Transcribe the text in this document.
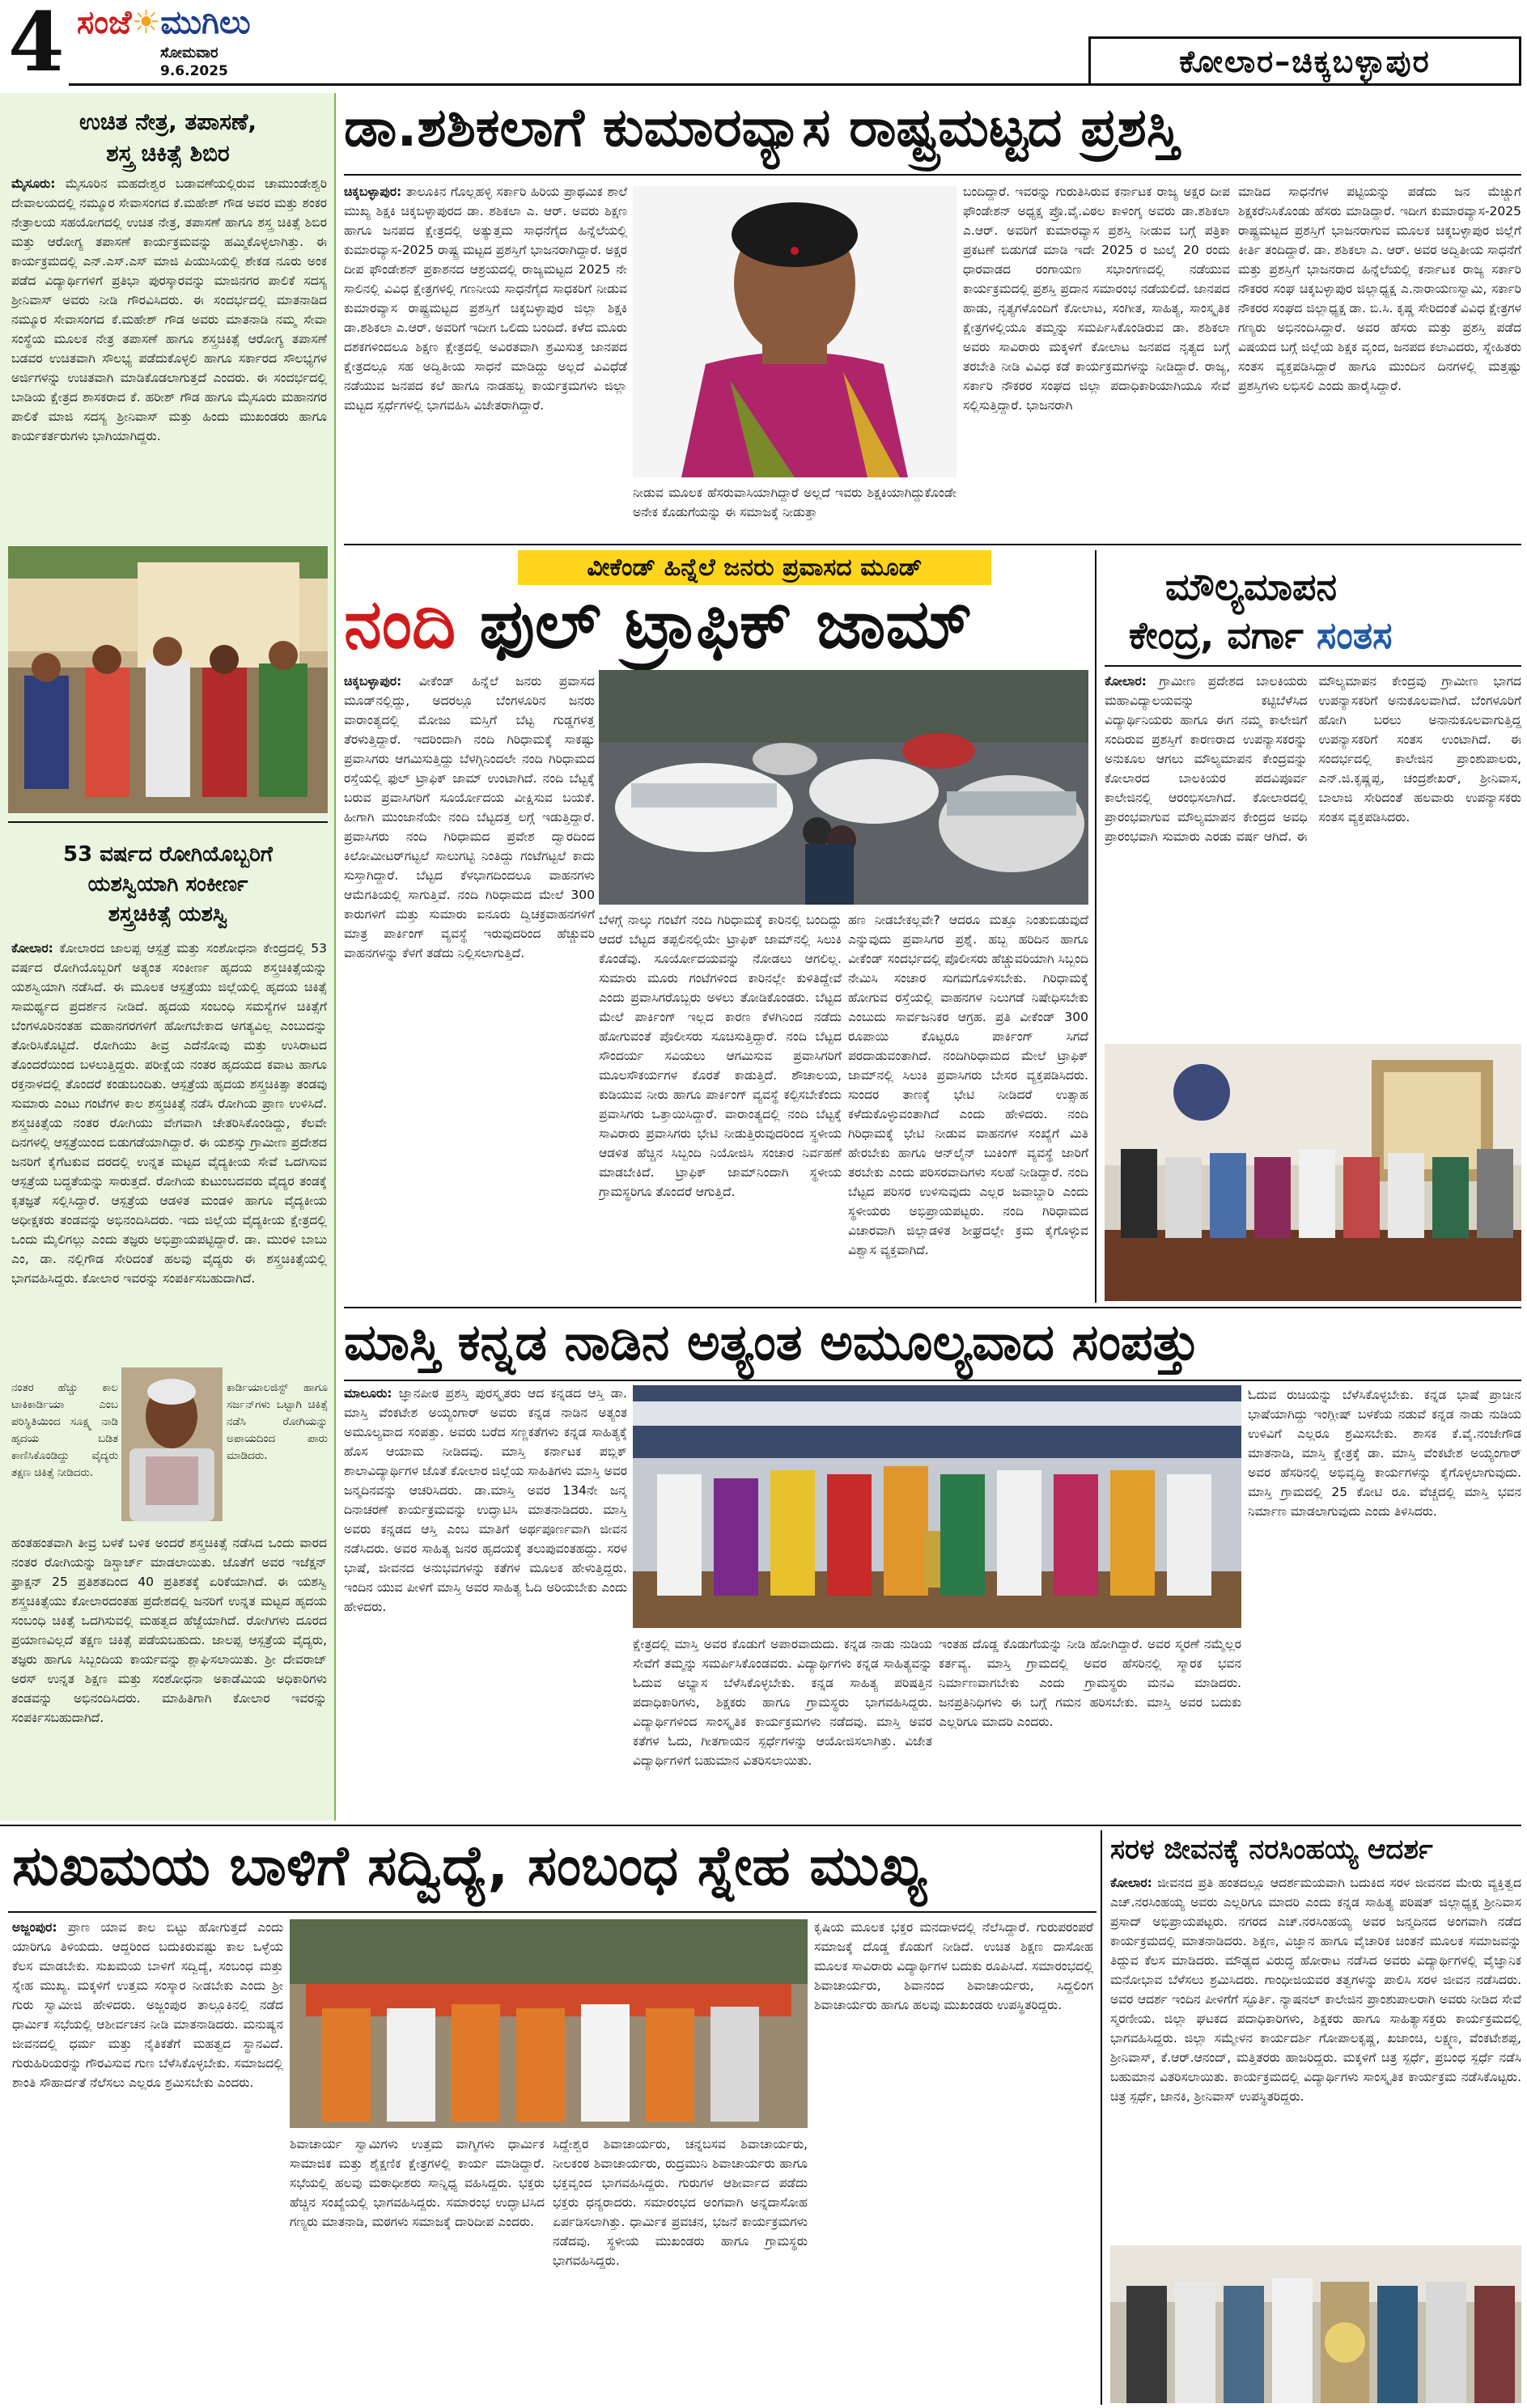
4 ಸಂಜೆ☀ಮುಗಿಲು
ಸೋಮವಾರ
9.6.2025	ಕೋಲಾರ–ಚಿಕ್ಕಬಳ್ಳಾಪುರ
ಉಚಿತ ನೇತ್ರ, ತಪಾಸಣೆ,
ಶಸ್ತ್ರ ಚಿಕಿತ್ಸೆ ಶಿಬಿರ
ಮೈಸೂರು: ಮೈಸೂರಿನ ಮಹದೇಶ್ವರ ಬಡಾವಣೆಯಲ್ಲಿರುವ ಚಾಮುಂಡೇಶ್ವರಿ ದೇವಾಲಯದಲ್ಲಿ ನಮ್ಮೂರ ಸೇವಾಸಂಗದ ಕೆ.ಮಹೇಶ್ ಗೌಡ ಅವರ ಮತ್ತು ಶಂಕರ ನೇತ್ರಾಲಯ ಸಹಯೋಗದಲ್ಲಿ ಉಚಿತ ನೇತ್ರ, ತಪಾಸಣೆ ಹಾಗೂ ಶಸ್ತ್ರ ಚಿಕಿತ್ಸೆ ಶಿಬಿರ ಮತ್ತು ಆರೋಗ್ಯ ತಪಾಸಣೆ ಕಾರ್ಯಕ್ರಮವನ್ನು ಹಮ್ಮಿಕೊಳ್ಳಲಾಗಿತ್ತು. ಈ ಕಾರ್ಯಕ್ರಮದಲ್ಲಿ ಎನ್.ಎಸ್.ಎಸ್ ಮಾಜಿ ಪಿಯುಸಿಯಲ್ಲಿ ಶೇಕಡ ನೂರು ಅಂಕ ಪಡೆದ ವಿದ್ಯಾರ್ಥಿಗಳಿಗೆ ಪ್ರತಿಭಾ ಪುರಸ್ಕಾರವನ್ನು ಮಾಜಿನಗರ ಪಾಲಿಕೆ ಸದಸ್ಯ ಶ್ರೀನಿವಾಸ್ ಅವರು ನೀಡಿ ಗೌರವಿಸಿದರು. ಈ ಸಂದರ್ಭದಲ್ಲಿ ಮಾತನಾಡಿದ ನಮ್ಮೂರ ಸೇವಾಸಂಗದ ಕೆ.ಮಹೇಶ್ ಗೌಡ ಅವರು ಮಾತನಾಡಿ ನಮ್ಮ ಸೇವಾ ಸಂಸ್ಥೆಯ ಮೂಲಕ ನೇತ್ರ ತಪಾಸಣೆ ಹಾಗೂ ಶಸ್ತ್ರಚಿಕಿತ್ಸೆ ಆರೋಗ್ಯ ತಪಾಸಣೆ ಬಡವರ ಉಚಿತವಾಗಿ ಸೌಲಭ್ಯ ಪಡೆದುಕೊಳ್ಳಲಿ ಹಾಗೂ ಸರ್ಕಾರದ ಸೌಲಭ್ಯಗಳ ಅರ್ಜಿಗಳನ್ನು ಉಚಿತವಾಗಿ ಮಾಡಿಕೊಡಲಾಗುತ್ತದೆ ಎಂದರು. ಈ ಸಂದರ್ಭದಲ್ಲಿ ಬಾಡಿಯ ಕ್ಷೇತ್ರದ ಶಾಸಕರಾದ ಕೆ. ಹರೀಶ್ ಗೌಡ ಹಾಗೂ ಮೈಸೂರು ಮಹಾನಗರ ಪಾಲಿಕೆ ಮಾಜಿ ಸದಸ್ಯ ಶ್ರೀನಿವಾಸ್ ಮತ್ತು ಹಿಂದು ಮುಖಂಡರು ಹಾಗೂ ಕಾರ್ಯಕರ್ತರುಗಳು ಭಾಗಿಯಾಗಿದ್ದರು.
53 ವರ್ಷದ ರೋಗಿಯೊಬ್ಬರಿಗೆ
ಯಶಸ್ವಿಯಾಗಿ ಸಂಕೀರ್ಣ
ಶಸ್ತ್ರಚಿಕಿತ್ಸೆ ಯಶಸ್ವಿ
ಕೋಲಾರ: ಕೋಲಾರದ ಜಾಲಪ್ಪ ಆಸ್ಪತ್ರೆ ಮತ್ತು ಸಂಶೋಧನಾ ಕೇಂದ್ರದಲ್ಲಿ 53 ವರ್ಷದ ರೋಗಿಯೊಬ್ಬರಿಗೆ ಅತ್ಯಂತ ಸಂಕೀರ್ಣ ಹೃದಯ ಶಸ್ತ್ರಚಿಕಿತ್ಸೆಯನ್ನು ಯಶಸ್ವಿಯಾಗಿ ನಡೆಸಿದೆ. ಈ ಮೂಲಕ ಆಸ್ಪತ್ರೆಯು ಜಿಲ್ಲೆಯಲ್ಲಿ ಹೃದಯ ಚಿಕಿತ್ಸೆ ಸಾಮರ್ಥ್ಯದ ಪ್ರದರ್ಶನ ನೀಡಿದೆ. ಹೃದಯ ಸಂಬಂಧಿ ಸಮಸ್ಯೆಗಳ ಚಿಕಿತ್ಸೆಗೆ ಬೆಂಗಳೂರಿನಂತಹ ಮಹಾನಗರಗಳಿಗೆ ಹೋಗಬೇಕಾದ ಅಗತ್ಯವಿಲ್ಲ ಎಂಬುದನ್ನು ತೋರಿಸಿಕೊಟ್ಟಿದೆ. ರೋಗಿಯು ತೀವ್ರ ಎದೆನೋವು ಮತ್ತು ಉಸಿರಾಟದ ತೊಂದರೆಯಿಂದ ಬಳಲುತ್ತಿದ್ದರು. ಪರೀಕ್ಷೆಯ ನಂತರ ಹೃದಯದ ಕವಾಟ ಹಾಗೂ ರಕ್ತನಾಳದಲ್ಲಿ ತೊಂದರೆ ಕಂಡುಬಂದಿತು. ಆಸ್ಪತ್ರೆಯ ಹೃದಯ ಶಸ್ತ್ರಚಿಕಿತ್ಸಾ ತಂಡವು ಸುಮಾರು ಎಂಟು ಗಂಟೆಗಳ ಕಾಲ ಶಸ್ತ್ರಚಿಕಿತ್ಸೆ ನಡೆಸಿ ರೋಗಿಯ ಪ್ರಾಣ ಉಳಿಸಿದೆ. ಶಸ್ತ್ರಚಿಕಿತ್ಸೆಯ ನಂತರ ರೋಗಿಯು ವೇಗವಾಗಿ ಚೇತರಿಸಿಕೊಂಡಿದ್ದು, ಕೆಲವೇ ದಿನಗಳಲ್ಲಿ ಆಸ್ಪತ್ರೆಯಿಂದ ಬಿಡುಗಡೆಯಾಗಿದ್ದಾರೆ. ಈ ಯಶಸ್ಸು ಗ್ರಾಮೀಣ ಪ್ರದೇಶದ ಜನರಿಗೆ ಕೈಗೆಟಕುವ ದರದಲ್ಲಿ ಉನ್ನತ ಮಟ್ಟದ ವೈದ್ಯಕೀಯ ಸೇವೆ ಒದಗಿಸುವ ಆಸ್ಪತ್ರೆಯ ಬದ್ಧತೆಯನ್ನು ಸಾರುತ್ತದೆ. ರೋಗಿಯ ಕುಟುಂಬದವರು ವೈದ್ಯರ ತಂಡಕ್ಕೆ ಕೃತಜ್ಞತೆ ಸಲ್ಲಿಸಿದ್ದಾರೆ. ಆಸ್ಪತ್ರೆಯ ಆಡಳಿತ ಮಂಡಳಿ ಹಾಗೂ ವೈದ್ಯಕೀಯ ಅಧೀಕ್ಷಕರು ತಂಡವನ್ನು ಅಭಿನಂದಿಸಿದರು. ಇದು ಜಿಲ್ಲೆಯ ವೈದ್ಯಕೀಯ ಕ್ಷೇತ್ರದಲ್ಲಿ ಒಂದು ಮೈಲಿಗಲ್ಲು ಎಂದು ತಜ್ಞರು ಅಭಿಪ್ರಾಯಪಟ್ಟಿದ್ದಾರೆ. ಡಾ. ಮುರಳಿ ಬಾಬು ಎಂ, ಡಾ. ನಲ್ಲಿಗೌಡ ಸೇರಿದಂತೆ ಹಲವು ವೈದ್ಯರು ಈ ಶಸ್ತ್ರಚಿಕಿತ್ಸೆಯಲ್ಲಿ ಭಾಗವಹಿಸಿದ್ದರು. ಕೋಲಾರ ಇವರನ್ನು ಸಂಪರ್ಕಿಸಬಹುದಾಗಿದೆ.
ನಂತರ ಹೆಚ್ಚು ಕಾಲ ಟಾಕಿಕಾರ್ಡಿಯಾ ಎಂಬ ಪರಿಸ್ಥಿತಿಯಿಂದ ಸೂಕ್ಷ್ಮ ನಾಡಿ ಹೃದಯ ಬಡಿತ ಕಾಣಿಸಿಕೊಂಡಿದ್ದು ವೈದ್ಯರು ತಕ್ಷಣ ಚಿಕಿತ್ಸೆ ನೀಡಿದರು.
ಕಾರ್ಡಿಯಾಲಜಿಸ್ಟ್ ಹಾಗೂ ಸರ್ಜನ್‌ಗಳು ಒಟ್ಟಾಗಿ ಚಿಕಿತ್ಸೆ ನಡೆಸಿ ರೋಗಿಯನ್ನು ಅಪಾಯದಿಂದ ಪಾರು ಮಾಡಿದರು.
ಹಂತಹಂತವಾಗಿ ತೀವ್ರ ಬಳಕೆ ಬಳಿಕ ಅಂದರೆ ಶಸ್ತ್ರಚಿಕಿತ್ಸೆ ನಡೆಸಿದ ಒಂದು ವಾರದ ನಂತರ ರೋಗಿಯನ್ನು ಡಿಸ್ಚಾರ್ಜ್ ಮಾಡಲಾಯಿತು. ಜೊತೆಗೆ ಅವರ ಇಜೆಕ್ಷನ್ ಫ್ರಾಕ್ಷನ್ 25 ಪ್ರತಿಶತದಿಂದ 40 ಪ್ರತಿಶತಕ್ಕೆ ಏರಿಕೆಯಾಗಿದೆ. ಈ ಯಶಸ್ವಿ ಶಸ್ತ್ರಚಿಕಿತ್ಸೆಯು ಕೋಲಾರದಂತಹ ಪ್ರದೇಶದಲ್ಲಿ ಜನರಿಗೆ ಉನ್ನತ ಮಟ್ಟದ ಹೃದಯ ಸಂಬಂಧಿ ಚಿಕಿತ್ಸೆ ಒದಗಿಸುವಲ್ಲಿ ಮಹತ್ವದ ಹೆಜ್ಜೆಯಾಗಿದೆ. ರೋಗಿಗಳು ದೂರದ ಪ್ರಯಾಣವಿಲ್ಲದೆ ತಕ್ಷಣ ಚಿಕಿತ್ಸೆ ಪಡೆಯಬಹುದು. ಜಾಲಪ್ಪ ಆಸ್ಪತ್ರೆಯ ವೈದ್ಯರು, ತಜ್ಞರು ಹಾಗೂ ಸಿಬ್ಬಂದಿಯ ಕಾರ್ಯವನ್ನು ಶ್ಲಾಘಿಸಲಾಯಿತು. ಶ್ರೀ ದೇವರಾಜ್ ಅರಸ್ ಉನ್ನತ ಶಿಕ್ಷಣ ಮತ್ತು ಸಂಶೋಧನಾ ಅಕಾಡೆಮಿಯ ಅಧಿಕಾರಿಗಳು ತಂಡವನ್ನು ಅಭಿನಂದಿಸಿದರು. ಮಾಹಿತಿಗಾಗಿ ಕೋಲಾರ ಇವರನ್ನು ಸಂಪರ್ಕಿಸಬಹುದಾಗಿದೆ.
ಡಾ.ಶಶಿಕಲಾಗೆ ಕುಮಾರವ್ಯಾಸ ರಾಷ್ಟ್ರಮಟ್ಟದ ಪ್ರಶಸ್ತಿ
ಚಿಕ್ಕಬಳ್ಳಾಪುರ: ತಾಲೂಕಿನ ಗೊಲ್ಲಹಳ್ಳಿ ಸರ್ಕಾರಿ ಹಿರಿಯ ಪ್ರಾಥಮಿಕ ಶಾಲೆ ಮುಖ್ಯ ಶಿಕ್ಷಕಿ ಚಿಕ್ಕಬಳ್ಳಾಪುರದ ಡಾ. ಶಶಿಕಲಾ ಎ. ಆರ್. ಅವರು ಶಿಕ್ಷಣ ಹಾಗೂ ಜನಪದ ಕ್ಷೇತ್ರದಲ್ಲಿ ಅತ್ಯುತ್ತಮ ಸಾಧನೆಗೈದ ಹಿನ್ನೆಲೆಯಲ್ಲಿ ಕುಮಾರವ್ಯಾಸ-2025 ರಾಷ್ಟ್ರ ಮಟ್ಟದ ಪ್ರಶಸ್ತಿಗೆ ಭಾಜನರಾಗಿದ್ದಾರೆ. ಅಕ್ಷರ ದೀಪ ಫೌಂಡೇಶನ್ ಪ್ರಕಾಶನದ ಆಶ್ರಯದಲ್ಲಿ ರಾಜ್ಯಮಟ್ಟದ 2025 ನೇ ಸಾಲಿನಲ್ಲಿ ವಿವಿಧ ಕ್ಷೇತ್ರಗಳಲ್ಲಿ ಗಣನೀಯ ಸಾಧನೆಗೈದ ಸಾಧಕರಿಗೆ ನೀಡುವ ಕುಮಾರವ್ಯಾಸ ರಾಷ್ಟ್ರಮಟ್ಟದ ಪ್ರಶಸ್ತಿಗೆ ಚಿಕ್ಕಬಳ್ಳಾಪುರ ಜಿಲ್ಲಾ ಶಿಕ್ಷಕಿ ಡಾ.ಶಶಿಕಲಾ ಎ.ಆರ್. ಅವರಿಗೆ ಇದೀಗ ಒಲಿದು ಬಂದಿದೆ. ಕಳೆದ ಮೂರು ದಶಕಗಳಿಂದಲೂ ಶಿಕ್ಷಣ ಕ್ಷೇತ್ರದಲ್ಲಿ ಅವಿರತವಾಗಿ ಶ್ರಮಿಸುತ್ತ ಜಾನಪದ ಕ್ಷೇತ್ರದಲ್ಲೂ ಸಹ ಅದ್ವಿತೀಯ ಸಾಧನೆ ಮಾಡಿದ್ದು ಅಲ್ಲದೆ ವಿವಿಧೆಡೆ ನಡೆಯುವ ಜನಪದ ಕಲೆ ಹಾಗೂ ನಾಡಹಬ್ಬ ಕಾರ್ಯಕ್ರಮಗಳು ಜಿಲ್ಲಾ ಮಟ್ಟದ ಸ್ಪರ್ಧೆಗಳಲ್ಲಿ ಭಾಗವಹಿಸಿ ವಿಜೇತರಾಗಿದ್ದಾರೆ.
ನೀಡುವ ಮೂಲಕ ಹೆಸರುವಾಸಿಯಾಗಿದ್ದಾರೆ ಅಲ್ಲದೆ ಇವರು ಶಿಕ್ಷಕಿಯಾಗಿದ್ದುಕೊಂಡೇ ಅನೇಕ ಕೊಡುಗೆಯನ್ನು ಈ ಸಮಾಜಕ್ಕೆ ನೀಡುತ್ತಾ
ಬಂದಿದ್ದಾರೆ. ಇವರನ್ನು ಗುರುತಿಸಿರುವ ಕರ್ನಾಟಕ ರಾಜ್ಯ ಅಕ್ಷರ ದೀಪ ಫೌಂಡೇಶನ್ ಅಧ್ಯಕ್ಷ ಪ್ರೊ.ವೈ.ವಿಠಲ ಕಾಳಿಂಗ್ಕ ಅವರು ಡಾ.ಶಶಿಕಲಾ ಎ.ಆರ್. ಅವರಿಗೆ ಕುಮಾರವ್ಯಾಸ ಪ್ರಶಸ್ತಿ ನೀಡುವ ಬಗ್ಗೆ ಪತ್ರಿಕಾ ಪ್ರಕಟಣೆ ಬಿಡುಗಡೆ ಮಾಡಿ ಇದೇ 2025 ರ ಜುಲೈ 20 ರಂದು ಧಾರವಾಡದ ರಂಗಾಯಣ ಸಭಾಂಗಣದಲ್ಲಿ ನಡೆಯುವ ಕಾರ್ಯಕ್ರಮದಲ್ಲಿ ಪ್ರಶಸ್ತಿ ಪ್ರದಾನ ಸಮಾರಂಭ ನಡೆಯಲಿದೆ. ಜಾನಪದ ಹಾಡು, ನೃತ್ಯಗಳೊಂದಿಗೆ ಕೋಲಾಟ, ಸಂಗೀತ, ಸಾಹಿತ್ಯ, ಸಾಂಸ್ಕೃತಿಕ ಕ್ಷೇತ್ರಗಳಲ್ಲಿಯೂ ತಮ್ಮನ್ನು ಸಮರ್ಪಿಸಿಕೊಂಡಿರುವ ಡಾ. ಶಶಿಕಲಾ ಅವರು ಸಾವಿರಾರು ಮಕ್ಕಳಿಗೆ ಕೋಲಾಟ ಜನಪದ ನೃತ್ಯದ ಬಗ್ಗೆ ತರಬೇತಿ ನೀಡಿ ವಿವಿಧ ಕಡೆ ಕಾರ್ಯಕ್ರಮಗಳನ್ನು ನೀಡಿದ್ದಾರೆ. ರಾಜ್ಯ, ಸರ್ಕಾರಿ ನೌಕರರ ಸಂಘದ ಜಿಲ್ಲಾ ಪದಾಧಿಕಾರಿಯಾಗಿಯೂ ಸೇವೆ ಸಲ್ಲಿಸುತ್ತಿದ್ದಾರೆ. ಭಾಜನರಾಗಿ
ಮಾಡಿದ ಸಾಧನೆಗಳ ಪಟ್ಟಿಯನ್ನು ಪಡೆದು ಜನ ಮೆಚ್ಚುಗೆ ಶಿಕ್ಷಕರೆನಿಸಿಕೊಂಡು ಹೆಸರು ಮಾಡಿದ್ದಾರೆ. ಇದೀಗ ಕುಮಾರವ್ಯಾಸ-2025 ರಾಷ್ಟ್ರಮಟ್ಟದ ಪ್ರಶಸ್ತಿಗೆ ಭಾಜನರಾಗುವ ಮೂಲಕ ಚಿಕ್ಕಬಳ್ಳಾಪುರ ಜಿಲ್ಲೆಗೆ ಕೀರ್ತಿ ತಂದಿದ್ದಾರೆ. ಡಾ. ಶಶಿಕಲಾ ಎ. ಆರ್. ಅವರ ಅದ್ವಿತೀಯ ಸಾಧನೆಗೆ ಮತ್ತು ಪ್ರಶಸ್ತಿಗೆ ಭಾಜನರಾದ ಹಿನ್ನೆಲೆಯಲ್ಲಿ ಕರ್ನಾಟಕ ರಾಜ್ಯ ಸರ್ಕಾರಿ ನೌಕರರ ಸಂಘ ಚಿಕ್ಕಬಳ್ಳಾಪುರ ಜಿಲ್ಲಾಧ್ಯಕ್ಷ ಎ.ನಾರಾಯಣಸ್ವಾಮಿ, ಸರ್ಕಾರಿ ನೌಕರರ ಸಂಘದ ಜಿಲ್ಲಾಧ್ಯಕ್ಷ ಡಾ. ಬಿ.ಸಿ. ಕೃಷ್ಣ ಸೇರಿದಂತೆ ವಿವಿಧ ಕ್ಷೇತ್ರಗಳ ಗಣ್ಯರು ಅಭಿನಂದಿಸಿದ್ದಾರೆ. ಅವರ ಹೆಸರು ಮತ್ತು ಪ್ರಶಸ್ತಿ ಪಡೆದ ವಿಷಯದ ಬಗ್ಗೆ ಜಿಲ್ಲೆಯ ಶಿಕ್ಷಕ ವೃಂದ, ಜನಪದ ಕಲಾವಿದರು, ಸ್ನೇಹಿತರು ಸಂತಸ ವ್ಯಕ್ತಪಡಿಸಿದ್ದಾರೆ ಹಾಗೂ ಮುಂದಿನ ದಿನಗಳಲ್ಲಿ ಮತ್ತಷ್ಟು ಪ್ರಶಸ್ತಿಗಳು ಲಭಿಸಲಿ ಎಂದು ಹಾರೈಸಿದ್ದಾರೆ.
ವೀಕೆಂಡ್ ಹಿನ್ನೆಲೆ ಜನರು ಪ್ರವಾಸದ ಮೂಡ್
ನಂದಿ ಫುಲ್ ಟ್ರಾಫಿಕ್ ಜಾಮ್
ಚಿಕ್ಕಬಳ್ಳಾಪುರ: ವೀಕೆಂಡ್ ಹಿನ್ನೆಲೆ ಜನರು ಪ್ರವಾಸದ ಮೂಡ್‌ನಲ್ಲಿದ್ದು, ಅದರಲ್ಲೂ ಬೆಂಗಳೂರಿನ ಜನರು ವಾರಾಂತ್ಯದಲ್ಲಿ ಮೋಜು ಮಸ್ತಿಗೆ ಬೆಟ್ಟ ಗುಡ್ಡಗಳತ್ತ ತೆರಳುತ್ತಿದ್ದಾರೆ. ಇದರಿಂದಾಗಿ ನಂದಿ ಗಿರಿಧಾಮಕ್ಕೆ ಸಾಕಷ್ಟು ಪ್ರವಾಸಿಗರು ಆಗಮಿಸುತ್ತಿದ್ದು ಬೆಳಗ್ಗಿನಿಂದಲೇ ನಂದಿ ಗಿರಿಧಾಮದ ರಸ್ತೆಯಲ್ಲಿ ಫುಲ್ ಟ್ರಾಫಿಕ್ ಜಾಮ್ ಉಂಟಾಗಿದೆ. ನಂದಿ ಬೆಟ್ಟಕ್ಕೆ ಬರುವ ಪ್ರವಾಸಿಗರಿಗೆ ಸೂರ್ಯೋದಯ ವೀಕ್ಷಿಸುವ ಬಯಕೆ. ಹೀಗಾಗಿ ಮುಂಜಾನೆಯೇ ನಂದಿ ಬೆಟ್ಟದತ್ತ ಲಗ್ಗೆ ಇಡುತ್ತಿದ್ದಾರೆ. ಪ್ರವಾಸಿಗರು ನಂದಿ ಗಿರಿಧಾಮದ ಪ್ರವೇಶ ದ್ವಾರದಿಂದ ಕಿಲೋಮೀಟರ್‌ಗಟ್ಟಲೆ ಸಾಲುಗಟ್ಟಿ ನಿಂತಿದ್ದು ಗಂಟೆಗಟ್ಟಲೆ ಕಾದು ಸುಸ್ತಾಗಿದ್ದಾರೆ. ಬೆಟ್ಟದ ಕೆಳಭಾಗದಿಂದಲೂ ವಾಹನಗಳು ಆಮೆಗತಿಯಲ್ಲಿ ಸಾಗುತ್ತಿವೆ. ನಂದಿ ಗಿರಿಧಾಮದ ಮೇಲೆ 300 ಕಾರುಗಳಿಗೆ ಮತ್ತು ಸುಮಾರು ಐನೂರು ದ್ವಿಚಕ್ರವಾಹನಗಳಿಗೆ ಮಾತ್ರ ಪಾರ್ಕಿಂಗ್ ವ್ಯವಸ್ಥೆ ಇರುವುದರಿಂದ ಹೆಚ್ಚುವರಿ ವಾಹನಗಳನ್ನು ಕೆಳಗೆ ತಡೆದು ನಿಲ್ಲಿಸಲಾಗುತ್ತಿದೆ.
ಬೆಳಗ್ಗೆ ನಾಲ್ಕು ಗಂಟೆಗೆ ನಂದಿ ಗಿರಿಧಾಮಕ್ಕೆ ಕಾರಿನಲ್ಲಿ ಬಂದಿದ್ದು ಆದರೆ ಬೆಟ್ಟದ ತಪ್ಪಲಿನಲ್ಲಿಯೇ ಟ್ರಾಫಿಕ್ ಜಾಮ್‌ನಲ್ಲಿ ಸಿಲುಕಿ ಕೊಂಡೆವು. ಸೂರ್ಯೋದಯವನ್ನು ನೋಡಲು ಆಗಲಿಲ್ಲ. ಸುಮಾರು ಮೂರು ಗಂಟೆಗಳಿಂದ ಕಾರಿನಲ್ಲೇ ಕುಳಿತಿದ್ದೇವೆ ಎಂದು ಪ್ರವಾಸಿಗರೊಬ್ಬರು ಅಳಲು ತೋಡಿಕೊಂಡರು. ಬೆಟ್ಟದ ಮೇಲೆ ಪಾರ್ಕಿಂಗ್ ಇಲ್ಲದ ಕಾರಣ ಕೆಳಗಿನಿಂದ ನಡೆದು ಹೋಗುವಂತೆ ಪೊಲೀಸರು ಸೂಚಿಸುತ್ತಿದ್ದಾರೆ. ನಂದಿ ಬೆಟ್ಟದ ಸೌಂದರ್ಯ ಸವಿಯಲು ಆಗಮಿಸುವ ಪ್ರವಾಸಿಗರಿಗೆ ಮೂಲಸೌಕರ್ಯಗಳ ಕೊರತೆ ಕಾಡುತ್ತಿದೆ. ಶೌಚಾಲಯ, ಕುಡಿಯುವ ನೀರು ಹಾಗೂ ಪಾರ್ಕಿಂಗ್ ವ್ಯವಸ್ಥೆ ಕಲ್ಪಿಸಬೇಕೆಂದು ಪ್ರವಾಸಿಗರು ಒತ್ತಾಯಿಸಿದ್ದಾರೆ. ವಾರಾಂತ್ಯದಲ್ಲಿ ನಂದಿ ಬೆಟ್ಟಕ್ಕೆ ಸಾವಿರಾರು ಪ್ರವಾಸಿಗರು ಭೇಟಿ ನೀಡುತ್ತಿರುವುದರಿಂದ ಸ್ಥಳೀಯ ಆಡಳಿತ ಹೆಚ್ಚಿನ ಸಿಬ್ಬಂದಿ ನಿಯೋಜಿಸಿ ಸಂಚಾರ ನಿರ್ವಹಣೆ ಮಾಡಬೇಕಿದೆ. ಟ್ರಾಫಿಕ್ ಜಾಮ್‌ನಿಂದಾಗಿ ಸ್ಥಳೀಯ ಗ್ರಾಮಸ್ಥರಿಗೂ ತೊಂದರೆ ಆಗುತ್ತಿದೆ.
ಹಣ ನೀಡಬೇಕಲ್ಲವೇ? ಆದರೂ ಮತ್ತೂ ನಿಂತುಬಿಡುವುದೆ ಎನ್ನುವುದು ಪ್ರವಾಸಿಗರ ಪ್ರಶ್ನೆ. ಹಬ್ಬ ಹರಿದಿನ ಹಾಗೂ ವೀಕೆಂಡ್ ಸಂದರ್ಭದಲ್ಲಿ ಪೊಲೀಸರು ಹೆಚ್ಚುವರಿಯಾಗಿ ಸಿಬ್ಬಂದಿ ನೇಮಿಸಿ ಸಂಚಾರ ಸುಗಮಗೊಳಿಸಬೇಕು. ಗಿರಿಧಾಮಕ್ಕೆ ಹೋಗುವ ರಸ್ತೆಯಲ್ಲಿ ವಾಹನಗಳ ನಿಲುಗಡೆ ನಿಷೇಧಿಸಬೇಕು ಎಂಬುದು ಸಾರ್ವಜನಿಕರ ಆಗ್ರಹ. ಪ್ರತಿ ವೀಕೆಂಡ್ 300 ರೂಪಾಯಿ ಕೊಟ್ಟರೂ ಪಾರ್ಕಿಂಗ್ ಸಿಗದೆ ಪರದಾಡುವಂತಾಗಿದೆ. ನಂದಿಗಿರಿಧಾಮದ ಮೇಲೆ ಟ್ರಾಫಿಕ್ ಜಾಮ್‌ನಲ್ಲಿ ಸಿಲುಕಿ ಪ್ರವಾಸಿಗರು ಬೇಸರ ವ್ಯಕ್ತಪಡಿಸಿದರು. ಸುಂದರ ತಾಣಕ್ಕೆ ಭೇಟಿ ನೀಡಿದರೆ ಉತ್ಸಾಹ ಕಳೆದುಕೊಳ್ಳುವಂತಾಗಿದೆ ಎಂದು ಹೇಳಿದರು. ನಂದಿ ಗಿರಿಧಾಮಕ್ಕೆ ಭೇಟಿ ನೀಡುವ ವಾಹನಗಳ ಸಂಖ್ಯೆಗೆ ಮಿತಿ ಹೇರಬೇಕು ಹಾಗೂ ಆನ್‌ಲೈನ್ ಬುಕಿಂಗ್ ವ್ಯವಸ್ಥೆ ಜಾರಿಗೆ ತರಬೇಕು ಎಂದು ಪರಿಸರವಾದಿಗಳು ಸಲಹೆ ನೀಡಿದ್ದಾರೆ. ನಂದಿ ಬೆಟ್ಟದ ಪರಿಸರ ಉಳಿಸುವುದು ಎಲ್ಲರ ಜವಾಬ್ದಾರಿ ಎಂದು ಸ್ಥಳೀಯರು ಅಭಿಪ್ರಾಯಪಟ್ಟರು. ನಂದಿ ಗಿರಿಧಾಮದ ವಿಚಾರವಾಗಿ ಜಿಲ್ಲಾಡಳಿತ ಶೀಘ್ರದಲ್ಲೇ ಕ್ರಮ ಕೈಗೊಳ್ಳುವ ವಿಶ್ವಾಸ ವ್ಯಕ್ತವಾಗಿದೆ.
ಮೌಲ್ಯಮಾಪನ
ಕೇಂದ್ರ, ವರ್ಗಾ ಸಂತಸ
ಕೋಲಾರ: ಗ್ರಾಮೀಣ ಪ್ರದೇಶದ ಬಾಲಕಿಯರು ಮಹಾವಿದ್ಯಾಲಯವನ್ನು ಕಟ್ಟಿಬೆಳೆಸಿದ ವಿದ್ಯಾರ್ಥಿನಿಯರು ಹಾಗೂ ಈಗ ನಮ್ಮ ಕಾಲೇಜಿಗೆ ಸಂದಿರುವ ಪ್ರಶಸ್ತಿಗೆ ಕಾರಣರಾದ ಉಪನ್ಯಾಸಕರನ್ನು ಅನುಕೂಲ ಆಗಲು ಮೌಲ್ಯಮಾಪನ ಕೇಂದ್ರವನ್ನು ಕೋಲಾರದ ಬಾಲಕಿಯರ ಪದವಿಪೂರ್ವ ಕಾಲೇಜಿನಲ್ಲಿ ಆರಂಭಿಸಲಾಗಿದೆ. ಕೋಲಾರದಲ್ಲಿ ಪ್ರಾರಂಭವಾಗುವ ಮೌಲ್ಯಮಾಪನ ಕೇಂದ್ರದ ಅವಧಿ ಪ್ರಾರಂಭವಾಗಿ ಸುಮಾರು ಎರಡು ವರ್ಷ ಆಗಿದೆ. ಈ ಮೌಲ್ಯಮಾಪನ ಕೇಂದ್ರವು ಗ್ರಾಮೀಣ ಭಾಗದ ಉಪನ್ಯಾಸಕರಿಗೆ ಅನುಕೂಲವಾಗಿದೆ. ಬೆಂಗಳೂರಿಗೆ ಹೋಗಿ ಬರಲು ಅನಾನುಕೂಲವಾಗುತ್ತಿದ್ದ ಉಪನ್ಯಾಸಕರಿಗೆ ಸಂತಸ ಉಂಟಾಗಿದೆ. ಈ ಸಂದರ್ಭದಲ್ಲಿ ಕಾಲೇಜಿನ ಪ್ರಾಂಶುಪಾಲರು, ಎನ್.ಜಿ.ಕೃಷ್ಣಪ್ಪ, ಚಂದ್ರಶೇಖರ್, ಶ್ರೀನಿವಾಸ, ಬಾಲಾಜಿ ಸೇರಿದಂತೆ ಹಲವಾರು ಉಪನ್ಯಾಸಕರು ಸಂತಸ ವ್ಯಕ್ತಪಡಿಸಿದರು.
ಮಾಸ್ತಿ ಕನ್ನಡ ನಾಡಿನ ಅತ್ಯಂತ ಅಮೂಲ್ಯವಾದ ಸಂಪತ್ತು
ಮಾಲೂರು: ಜ್ಞಾನಪೀಠ ಪ್ರಶಸ್ತಿ ಪುರಸ್ಕೃತರು ಆದ ಕನ್ನಡದ ಆಸ್ತಿ ಡಾ. ಮಾಸ್ತಿ ವೆಂಕಟೇಶ ಅಯ್ಯಂಗಾರ್ ಅವರು ಕನ್ನಡ ನಾಡಿನ ಅತ್ಯಂತ ಅಮೂಲ್ಯವಾದ ಸಂಪತ್ತು. ಅವರು ಬರೆದ ಸಣ್ಣಕತೆಗಳು ಕನ್ನಡ ಸಾಹಿತ್ಯಕ್ಕೆ ಹೊಸ ಆಯಾಮ ನೀಡಿದವು. ಮಾಸ್ತಿ ಕರ್ನಾಟಕ ಪಬ್ಲಿಕ್ ಶಾಲಾವಿದ್ಯಾರ್ಥಿಗಳ ಜೊತೆ ಕೋಲಾರ ಜಿಲ್ಲೆಯ ಸಾಹಿತಿಗಳು ಮಾಸ್ತಿ ಅವರ ಜನ್ಮದಿನವನ್ನು ಆಚರಿಸಿದರು. ಡಾ.ಮಾಸ್ತಿ ಅವರ 134ನೇ ಜನ್ಮ ದಿನಾಚರಣೆ ಕಾರ್ಯಕ್ರಮವನ್ನು ಉದ್ಘಾಟಿಸಿ ಮಾತನಾಡಿದರು. ಮಾಸ್ತಿ ಅವರು ಕನ್ನಡದ ಆಸ್ತಿ ಎಂಬ ಮಾತಿಗೆ ಅರ್ಥಪೂರ್ಣವಾಗಿ ಜೀವನ ನಡೆಸಿದರು. ಅವರ ಸಾಹಿತ್ಯ ಜನರ ಹೃದಯಕ್ಕೆ ತಲುಪುವಂತಹದ್ದು. ಸರಳ ಭಾಷೆ, ಜೀವನದ ಅನುಭವಗಳನ್ನು ಕತೆಗಳ ಮೂಲಕ ಹೇಳುತ್ತಿದ್ದರು. ಇಂದಿನ ಯುವ ಪೀಳಿಗೆ ಮಾಸ್ತಿ ಅವರ ಸಾಹಿತ್ಯ ಓದಿ ಅರಿಯಬೇಕು ಎಂದು ಹೇಳಿದರು.
ಕ್ಷೇತ್ರದಲ್ಲಿ ಮಾಸ್ತಿ ಅವರ ಕೊಡುಗೆ ಅಪಾರವಾದುದು. ಕನ್ನಡ ನಾಡು ನುಡಿಯ ಸೇವೆಗೆ ತಮ್ಮನ್ನು ಸಮರ್ಪಿಸಿಕೊಂಡವರು. ವಿದ್ಯಾರ್ಥಿಗಳು ಕನ್ನಡ ಸಾಹಿತ್ಯವನ್ನು ಓದುವ ಅಭ್ಯಾಸ ಬೆಳೆಸಿಕೊಳ್ಳಬೇಕು. ಕನ್ನಡ ಸಾಹಿತ್ಯ ಪರಿಷತ್ತಿನ ಪದಾಧಿಕಾರಿಗಳು, ಶಿಕ್ಷಕರು ಹಾಗೂ ಗ್ರಾಮಸ್ಥರು ಭಾಗವಹಿಸಿದ್ದರು. ವಿದ್ಯಾರ್ಥಿಗಳಿಂದ ಸಾಂಸ್ಕೃತಿಕ ಕಾರ್ಯಕ್ರಮಗಳು ನಡೆದವು. ಮಾಸ್ತಿ ಅವರ ಕತೆಗಳ ಓದು, ಗೀತಗಾಯನ ಸ್ಪರ್ಧೆಗಳನ್ನು ಆಯೋಜಿಸಲಾಗಿತ್ತು. ವಿಜೇತ ವಿದ್ಯಾರ್ಥಿಗಳಿಗೆ ಬಹುಮಾನ ವಿತರಿಸಲಾಯಿತು.
ಇಂತಹ ದೊಡ್ಡ ಕೊಡುಗೆಯನ್ನು ನೀಡಿ ಹೋಗಿದ್ದಾರೆ. ಅವರ ಸ್ಮರಣೆ ನಮ್ಮೆಲ್ಲರ ಕರ್ತವ್ಯ. ಮಾಸ್ತಿ ಗ್ರಾಮದಲ್ಲಿ ಅವರ ಹೆಸರಿನಲ್ಲಿ ಸ್ಮಾರಕ ಭವನ ನಿರ್ಮಾಣವಾಗಬೇಕು ಎಂದು ಗ್ರಾಮಸ್ಥರು ಮನವಿ ಮಾಡಿದರು. ಜನಪ್ರತಿನಿಧಿಗಳು ಈ ಬಗ್ಗೆ ಗಮನ ಹರಿಸಬೇಕು. ಮಾಸ್ತಿ ಅವರ ಬದುಕು ಎಲ್ಲರಿಗೂ ಮಾದರಿ ಎಂದರು.
ಓದುವ ರುಚಿಯನ್ನು ಬೆಳೆಸಿಕೊಳ್ಳಬೇಕು. ಕನ್ನಡ ಭಾಷೆ ಪ್ರಾಚೀನ ಭಾಷೆಯಾಗಿದ್ದು ಇಂಗ್ಲೀಷ್ ಬಳಕೆಯ ನಡುವೆ ಕನ್ನಡ ನಾಡು ನುಡಿಯ ಉಳಿವಿಗೆ ಎಲ್ಲರೂ ಶ್ರಮಿಸಬೇಕು. ಶಾಸಕ ಕೆ.ವೈ.ನಂಜೇಗೌಡ ಮಾತನಾಡಿ, ಮಾಸ್ತಿ ಕ್ಷೇತ್ರಕ್ಕೆ ಡಾ. ಮಾಸ್ತಿ ವೆಂಕಟೇಶ ಅಯ್ಯಂಗಾರ್ ಅವರ ಹೆಸರಿನಲ್ಲಿ ಅಭಿವೃದ್ಧಿ ಕಾರ್ಯಗಳನ್ನು ಕೈಗೊಳ್ಳಲಾಗುವುದು. ಮಾಸ್ತಿ ಗ್ರಾಮದಲ್ಲಿ 25 ಕೋಟಿ ರೂ. ವೆಚ್ಚದಲ್ಲಿ ಮಾಸ್ತಿ ಭವನ ನಿರ್ಮಾಣ ಮಾಡಲಾಗುವುದು ಎಂದು ತಿಳಿಸಿದರು.
ಸುಖಮಯ ಬಾಳಿಗೆ ಸದ್ವಿದ್ಯೆ, ಸಂಬಂಧ ಸ್ನೇಹ ಮುಖ್ಯ
ಅಜ್ಜಂಪುರ: ಪ್ರಾಣ ಯಾವ ಕಾಲ ಬಿಟ್ಟು ಹೋಗುತ್ತದೆ ಎಂದು ಯಾರಿಗೂ ತಿಳಿಯದು. ಆದ್ದರಿಂದ ಬದುಕಿರುವಷ್ಟು ಕಾಲ ಒಳ್ಳೆಯ ಕೆಲಸ ಮಾಡಬೇಕು. ಸುಖಮಯ ಬಾಳಿಗೆ ಸದ್ವಿದ್ಯೆ, ಸಂಬಂಧ ಮತ್ತು ಸ್ನೇಹ ಮುಖ್ಯ. ಮಕ್ಕಳಿಗೆ ಉತ್ತಮ ಸಂಸ್ಕಾರ ನೀಡಬೇಕು ಎಂದು ಶ್ರೀ ಗುರು ಸ್ವಾಮೀಜಿ ಹೇಳಿದರು. ಅಜ್ಜಂಪುರ ತಾಲ್ಲೂಕಿನಲ್ಲಿ ನಡೆದ ಧಾರ್ಮಿಕ ಸಭೆಯಲ್ಲಿ ಆಶೀರ್ವಚನ ನೀಡಿ ಮಾತನಾಡಿದರು. ಮನುಷ್ಯನ ಜೀವನದಲ್ಲಿ ಧರ್ಮ ಮತ್ತು ನೈತಿಕತೆಗೆ ಮಹತ್ವದ ಸ್ಥಾನವಿದೆ. ಗುರುಹಿರಿಯರನ್ನು ಗೌರವಿಸುವ ಗುಣ ಬೆಳೆಸಿಕೊಳ್ಳಬೇಕು. ಸಮಾಜದಲ್ಲಿ ಶಾಂತಿ ಸೌಹಾರ್ದತೆ ನೆಲೆಸಲು ಎಲ್ಲರೂ ಶ್ರಮಿಸಬೇಕು ಎಂದರು.
ಶಿವಾಚಾರ್ಯ ಸ್ವಾಮಿಗಳು ಉತ್ತಮ ವಾಗ್ಮಿಗಳು ಧಾರ್ಮಿಕ ಸಾಮಾಜಿಕ ಮತ್ತು ಶೈಕ್ಷಣಿಕ ಕ್ಷೇತ್ರಗಳಲ್ಲಿ ಕಾರ್ಯ ಮಾಡಿದ್ದಾರೆ. ಸಭೆಯಲ್ಲಿ ಹಲವು ಮಠಾಧೀಶರು ಸಾನ್ನಿಧ್ಯ ವಹಿಸಿದ್ದರು. ಭಕ್ತರು ಹೆಚ್ಚಿನ ಸಂಖ್ಯೆಯಲ್ಲಿ ಭಾಗವಹಿಸಿದ್ದರು. ಸಮಾರಂಭ ಉದ್ಘಾಟಿಸಿದ ಗಣ್ಯರು ಮಾತನಾಡಿ, ಮಠಗಳು ಸಮಾಜಕ್ಕೆ ದಾರಿದೀಪ ಎಂದರು.
ಸಿದ್ದೇಶ್ವರ ಶಿವಾಚಾರ್ಯರು, ಚನ್ನಬಸವ ಶಿವಾಚಾರ್ಯರು, ನೀಲಕಂಠ ಶಿವಾಚಾರ್ಯರು, ರುದ್ರಮುನಿ ಶಿವಾಚಾರ್ಯರು ಹಾಗೂ ಭಕ್ತವೃಂದ ಭಾಗವಹಿಸಿದ್ದರು. ಗುರುಗಳ ಆಶೀರ್ವಾದ ಪಡೆದು ಭಕ್ತರು ಧನ್ಯರಾದರು. ಸಮಾರಂಭದ ಅಂಗವಾಗಿ ಅನ್ನದಾಸೋಹ ಏರ್ಪಡಿಸಲಾಗಿತ್ತು. ಧಾರ್ಮಿಕ ಪ್ರವಚನ, ಭಜನೆ ಕಾರ್ಯಕ್ರಮಗಳು ನಡೆದವು. ಸ್ಥಳೀಯ ಮುಖಂಡರು ಹಾಗೂ ಗ್ರಾಮಸ್ಥರು ಭಾಗವಹಿಸಿದ್ದರು.
ಕೃಷಿಯ ಮೂಲಕ ಭಕ್ತರ ಮನದಾಳದಲ್ಲಿ ನೆಲೆಸಿದ್ದಾರೆ. ಗುರುಪರಂಪರೆ ಸಮಾಜಕ್ಕೆ ದೊಡ್ಡ ಕೊಡುಗೆ ನೀಡಿದೆ. ಉಚಿತ ಶಿಕ್ಷಣ ದಾಸೋಹ ಮೂಲಕ ಸಾವಿರಾರು ವಿದ್ಯಾರ್ಥಿಗಳ ಬದುಕು ರೂಪಿಸಿದೆ. ಸಮಾರಂಭದಲ್ಲಿ ಶಿವಾಚಾರ್ಯರು, ಶಿವಾನಂದ ಶಿವಾಚಾರ್ಯರು, ಸಿದ್ದಲಿಂಗ ಶಿವಾಚಾರ್ಯರು ಹಾಗೂ ಹಲವು ಮುಖಂಡರು ಉಪಸ್ಥಿತರಿದ್ದರು.
ಸರಳ ಜೀವನಕ್ಕೆ ನರಸಿಂಹಯ್ಯ ಆದರ್ಶ
ಕೋಲಾರ: ಜೀವನದ ಪ್ರತಿ ಹಂತದಲ್ಲೂ ಆದರ್ಶಮಯವಾಗಿ ಬದುಕಿದ ಸರಳ ಜೀವನದ ಮೇರು ವ್ಯಕ್ತಿತ್ವದ ಎಚ್.ನರಸಿಂಹಯ್ಯ ಅವರು ಎಲ್ಲರಿಗೂ ಮಾದರಿ ಎಂದು ಕನ್ನಡ ಸಾಹಿತ್ಯ ಪರಿಷತ್ ಜಿಲ್ಲಾಧ್ಯಕ್ಷ ಶ್ರೀನಿವಾಸ ಪ್ರಸಾದ್ ಅಭಿಪ್ರಾಯಪಟ್ಟರು. ನಗರದ ಎಚ್.ನರಸಿಂಹಯ್ಯ ಅವರ ಜನ್ಮದಿನದ ಅಂಗವಾಗಿ ನಡೆದ ಕಾರ್ಯಕ್ರಮದಲ್ಲಿ ಮಾತನಾಡಿದರು. ಶಿಕ್ಷಣ, ವಿಜ್ಞಾನ ಹಾಗೂ ವೈಚಾರಿಕ ಚಿಂತನೆ ಮೂಲಕ ಸಮಾಜವನ್ನು ತಿದ್ದುವ ಕೆಲಸ ಮಾಡಿದರು. ಮೌಢ್ಯದ ವಿರುದ್ಧ ಹೋರಾಟ ನಡೆಸಿದ ಅವರು ವಿದ್ಯಾರ್ಥಿಗಳಲ್ಲಿ ವೈಜ್ಞಾನಿಕ ಮನೋಭಾವ ಬೆಳೆಸಲು ಶ್ರಮಿಸಿದರು. ಗಾಂಧೀಜಿಯವರ ತತ್ವಗಳನ್ನು ಪಾಲಿಸಿ ಸರಳ ಜೀವನ ನಡೆಸಿದರು. ಅವರ ಆದರ್ಶ ಇಂದಿನ ಪೀಳಿಗೆಗೆ ಸ್ಫೂರ್ತಿ. ನ್ಯಾಷನಲ್ ಕಾಲೇಜಿನ ಪ್ರಾಂಶುಪಾಲರಾಗಿ ಅವರು ನೀಡಿದ ಸೇವೆ ಸ್ಮರಣೀಯ. ಜಿಲ್ಲಾ ಘಟಕದ ಪದಾಧಿಕಾರಿಗಳು, ಶಿಕ್ಷಕರು ಹಾಗೂ ಸಾಹಿತ್ಯಾಸಕ್ತರು ಕಾರ್ಯಕ್ರಮದಲ್ಲಿ ಭಾಗವಹಿಸಿದ್ದರು. ಜಿಲ್ಲಾ ಸಮ್ಮೇಳನ ಕಾರ್ಯದರ್ಶಿ ಗೋಪಾಲಕೃಷ್ಣ, ಖಜಾಂಚಿ, ಲಕ್ಷ್ಮಣ, ವೆಂಕಟೇಶಪ್ಪ, ಶ್ರೀನಿವಾಸ್, ಕೆ.ಆರ್.ಆನಂದ್, ಮತ್ತಿತರರು ಹಾಜರಿದ್ದರು. ಮಕ್ಕಳಿಗೆ ಚಿತ್ರ ಸ್ಪರ್ಧೆ, ಪ್ರಬಂಧ ಸ್ಪರ್ಧೆ ನಡೆಸಿ ಬಹುಮಾನ ವಿತರಿಸಲಾಯಿತು. ಕಾರ್ಯಕ್ರಮದಲ್ಲಿ ವಿದ್ಯಾರ್ಥಿಗಳು ಸಾಂಸ್ಕೃತಿಕ ಕಾರ್ಯಕ್ರಮ ನಡೆಸಿಕೊಟ್ಟರು. ಚಿತ್ರ ಸ್ಪರ್ಧೆ, ಜಾನಕಿ, ಶ್ರೀನಿವಾಸ್ ಉಪಸ್ಥಿತರಿದ್ದರು.
